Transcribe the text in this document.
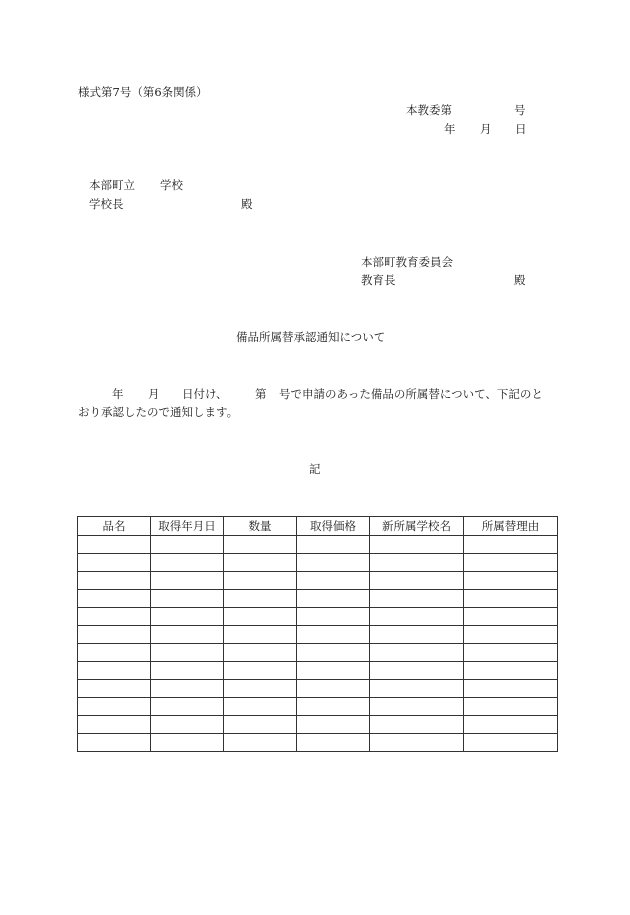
様式第7号（第6条関係）
本教委第	号
年 月 日
本部町立 学校
学校長	殿
本部町教育委員会
教育長	殿
備品所属替承認通知について
年 月 日付け、 第 号で申請のあった備品の所属替について、下記のと
おり承認したので通知します。
記
品名	取得年月日	数量	取得価格	新所属学校名	所属替理由
